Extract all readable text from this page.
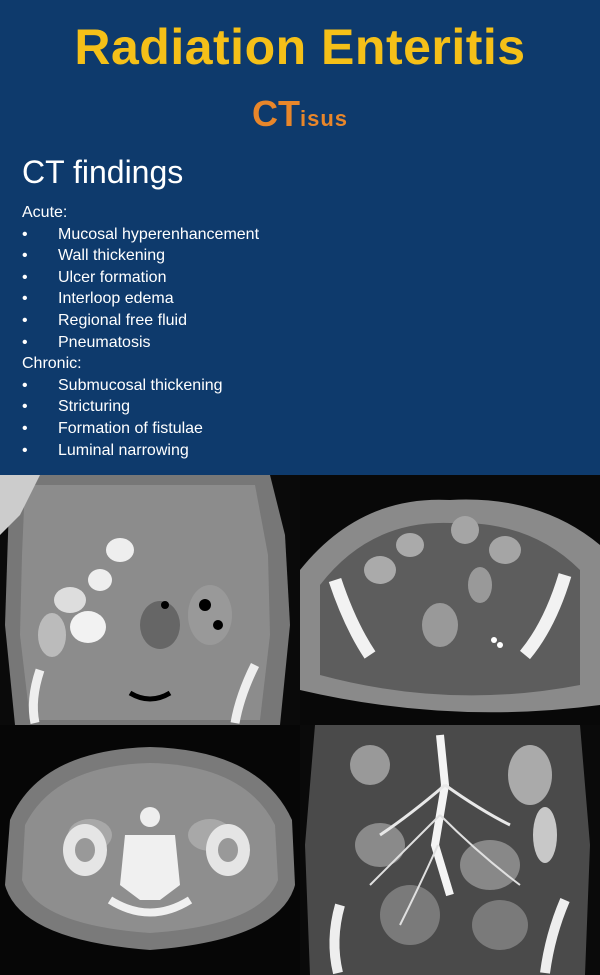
Radiation Enteritis
CTisus
CT findings
Acute:
• Mucosal hyperenhancement
• Wall thickening
• Ulcer formation
• Interloop edema
• Regional free fluid
• Pneumatosis
Chronic:
• Submucosal thickening
• Stricturing
• Formation of fistulae
• Luminal narrowing
